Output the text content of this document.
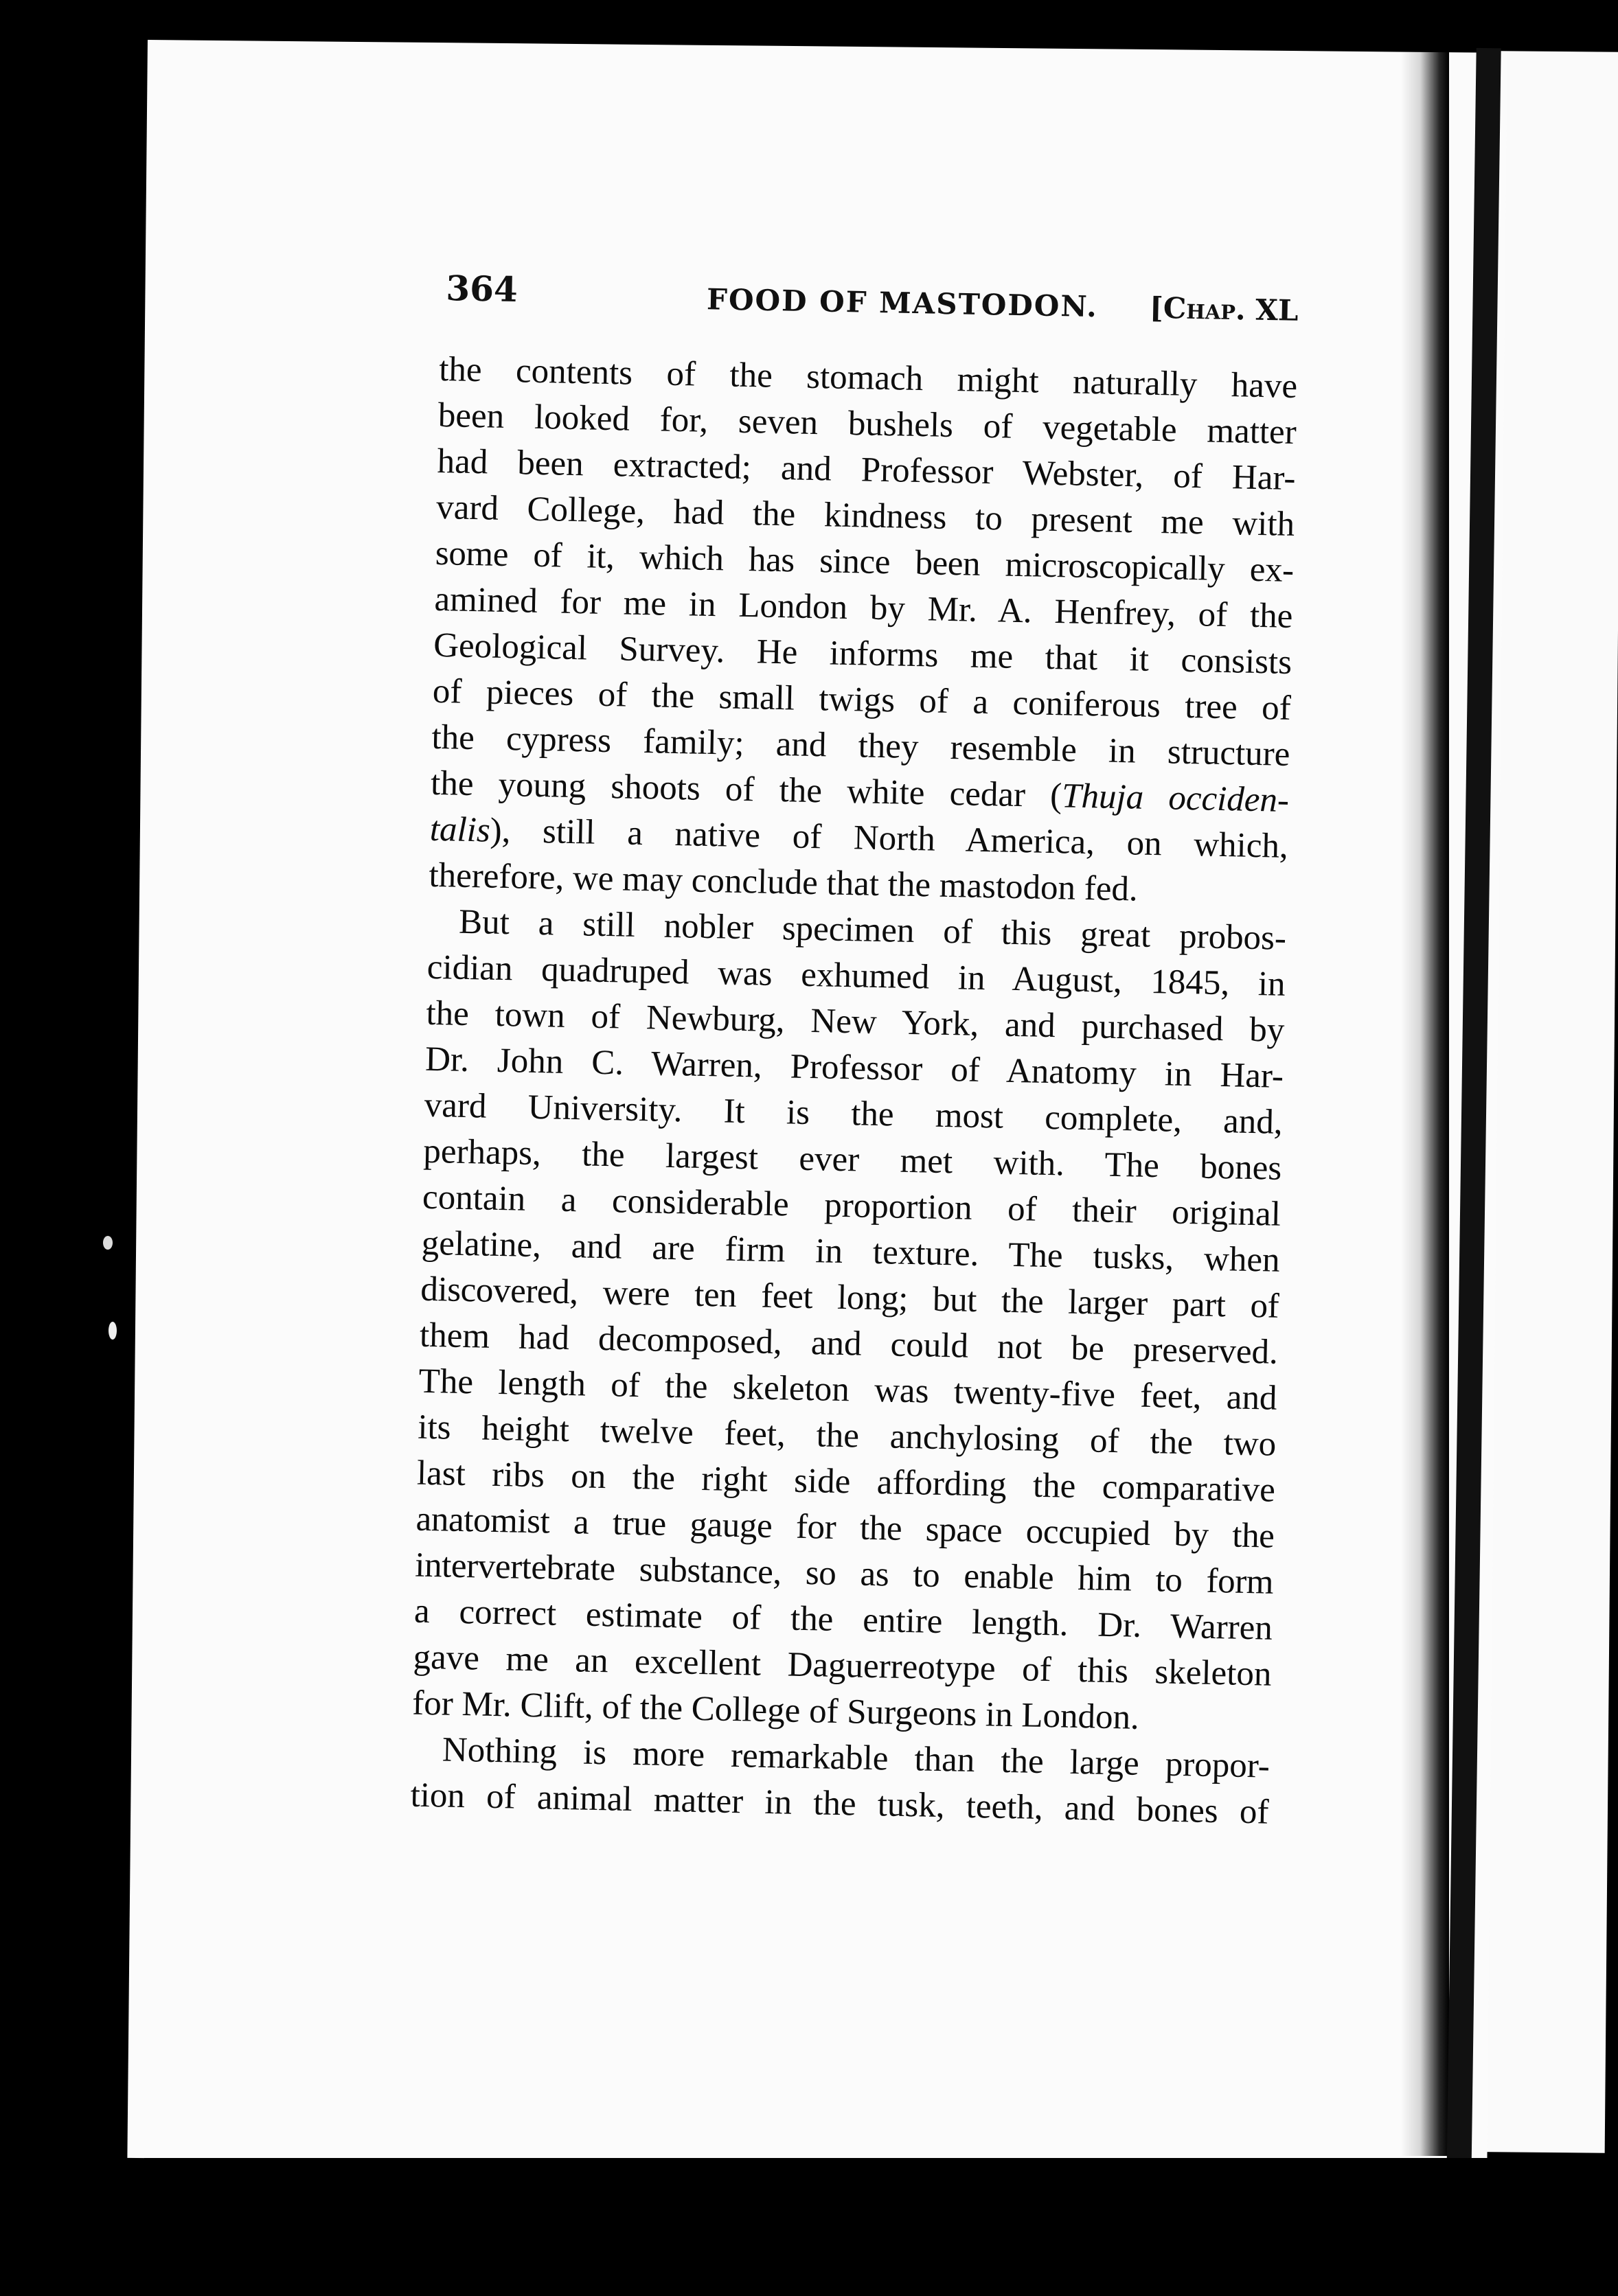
364	FOOD OF MASTODON. [Chap. XL
the contents of the stomach might naturally have
been looked for, seven bushels of vegetable matter
had been extracted; and Professor Webster, of Har-
vard College, had the kindness to present me with
some of it, which has since been microscopically ex-
amined for me in London by Mr. A. Henfrey, of the
Geological Survey. He informs me that it consists
of pieces of the small twigs of a coniferous tree of
the cypress family; and they resemble in structure
the young shoots of the white cedar (Thuja occiden-
talis), still a native of North America, on which,
therefore, we may conclude that the mastodon fed.
But a still nobler specimen of this great probos-
cidian quadruped was exhumed in August, 1845, in
the town of Newburg, New York, and purchased by
Dr. John C. Warren, Professor of Anatomy in Har-
vard University. It is the most complete, and,
perhaps, the largest ever met with. The bones
contain a considerable proportion of their original
gelatine, and are firm in texture. The tusks, when
discovered, were ten feet long; but the larger part of
them had decomposed, and could not be preserved.
The length of the skeleton was twenty-five feet, and
its height twelve feet, the anchylosing of the two
last ribs on the right side affording the comparative
anatomist a true gauge for the space occupied by the
intervertebrate substance, so as to enable him to form
a correct estimate of the entire length. Dr. Warren
gave me an excellent Daguerreotype of this skeleton
for Mr. Clift, of the College of Surgeons in London.
Nothing is more remarkable than the large propor-
tion of animal matter in the tusk, teeth, and bones of
